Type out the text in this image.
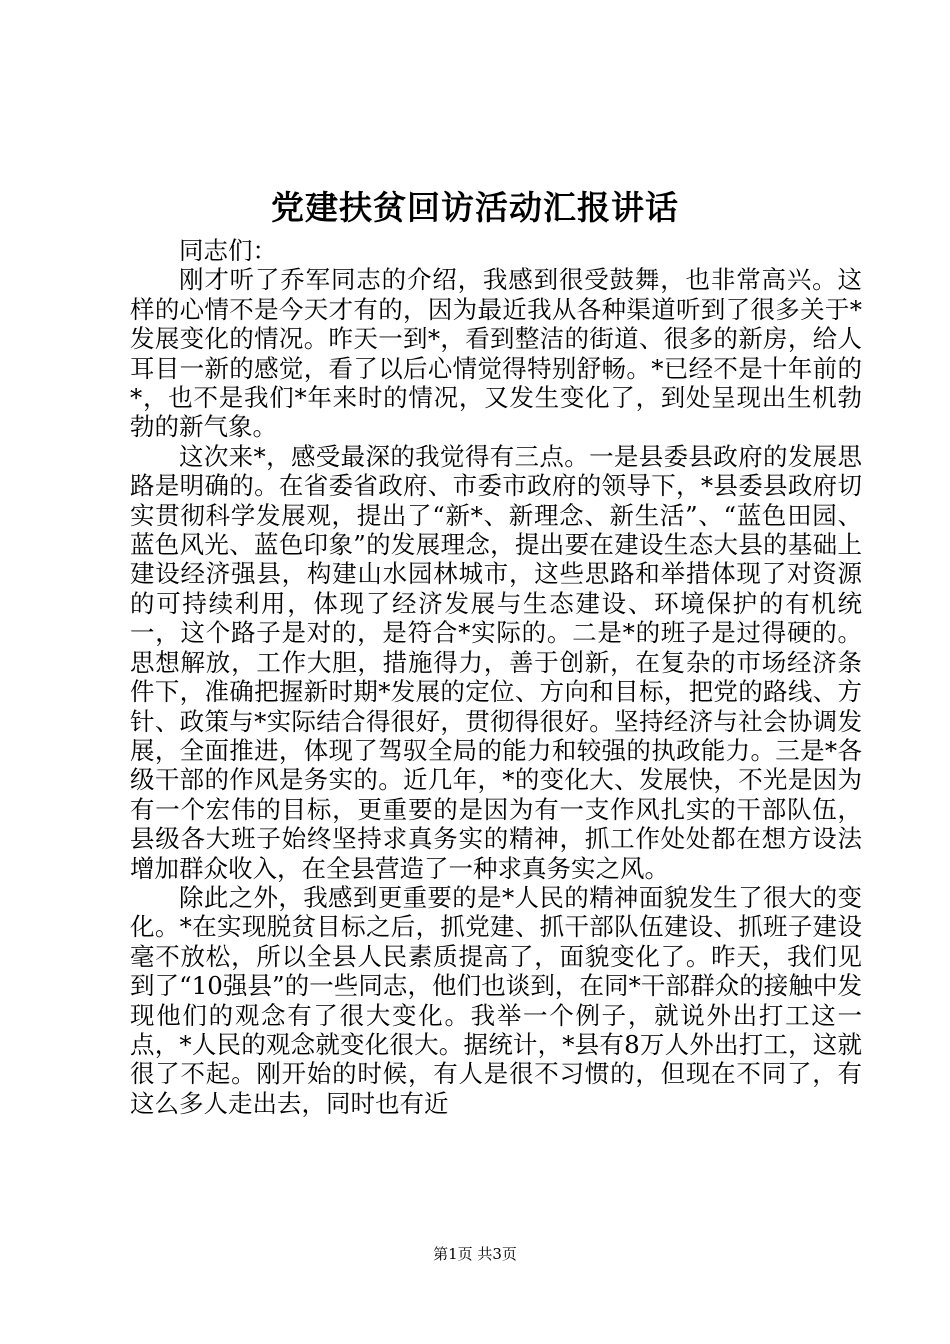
党建扶贫回访活动汇报讲话

同志们：

刚才听了乔军同志的介绍，我感到很受鼓舞，也非常高兴。这样的心情不是今天才有的，因为最近我从各种渠道听到了很多关于*发展变化的情况。昨天一到*，看到整洁的街道、很多的新房，给人耳目一新的感觉，看了以后心情觉得特别舒畅。*已经不是十年前的*，也不是我们*年来时的情况，又发生变化了，到处呈现出生机勃勃的新气象。

这次来*，感受最深的我觉得有三点。一是县委县政府的发展思路是明确的。在省委省政府、市委市政府的领导下，*县委县政府切实贯彻科学发展观，提出了“新*、新理念、新生活”、“蓝色田园、蓝色风光、蓝色印象”的发展理念，提出要在建设生态大县的基础上建设经济强县，构建山水园林城市，这些思路和举措体现了对资源的可持续利用，体现了经济发展与生态建设、环境保护的有机统一，这个路子是对的，是符合*实际的。二是*的班子是过得硬的。思想解放，工作大胆，措施得力，善于创新，在复杂的市场经济条件下，准确把握新时期*发展的定位、方向和目标，把党的路线、方针、政策与*实际结合得很好，贯彻得很好。坚持经济与社会协调发展，全面推进，体现了驾驭全局的能力和较强的执政能力。三是*各级干部的作风是务实的。近几年，*的变化大、发展快，不光是因为有一个宏伟的目标，更重要的是因为有一支作风扎实的干部队伍，县级各大班子始终坚持求真务实的精神，抓工作处处都在想方设法增加群众收入，在全县营造了一种求真务实之风。

除此之外，我感到更重要的是*人民的精神面貌发生了很大的变化。*在实现脱贫目标之后，抓党建、抓干部队伍建设、抓班子建设毫不放松，所以全县人民素质提高了，面貌变化了。昨天，我们见到了“10强县”的一些同志，他们也谈到，在同*干部群众的接触中发现他们的观念有了很大变化。我举一个例子，就说外出打工这一点，*人民的观念就变化很大。据统计，*县有8万人外出打工，这就很了不起。刚开始的时候，有人是很不习惯的，但现在不同了，有这么多人走出去，同时也有近

第1页 共3页
